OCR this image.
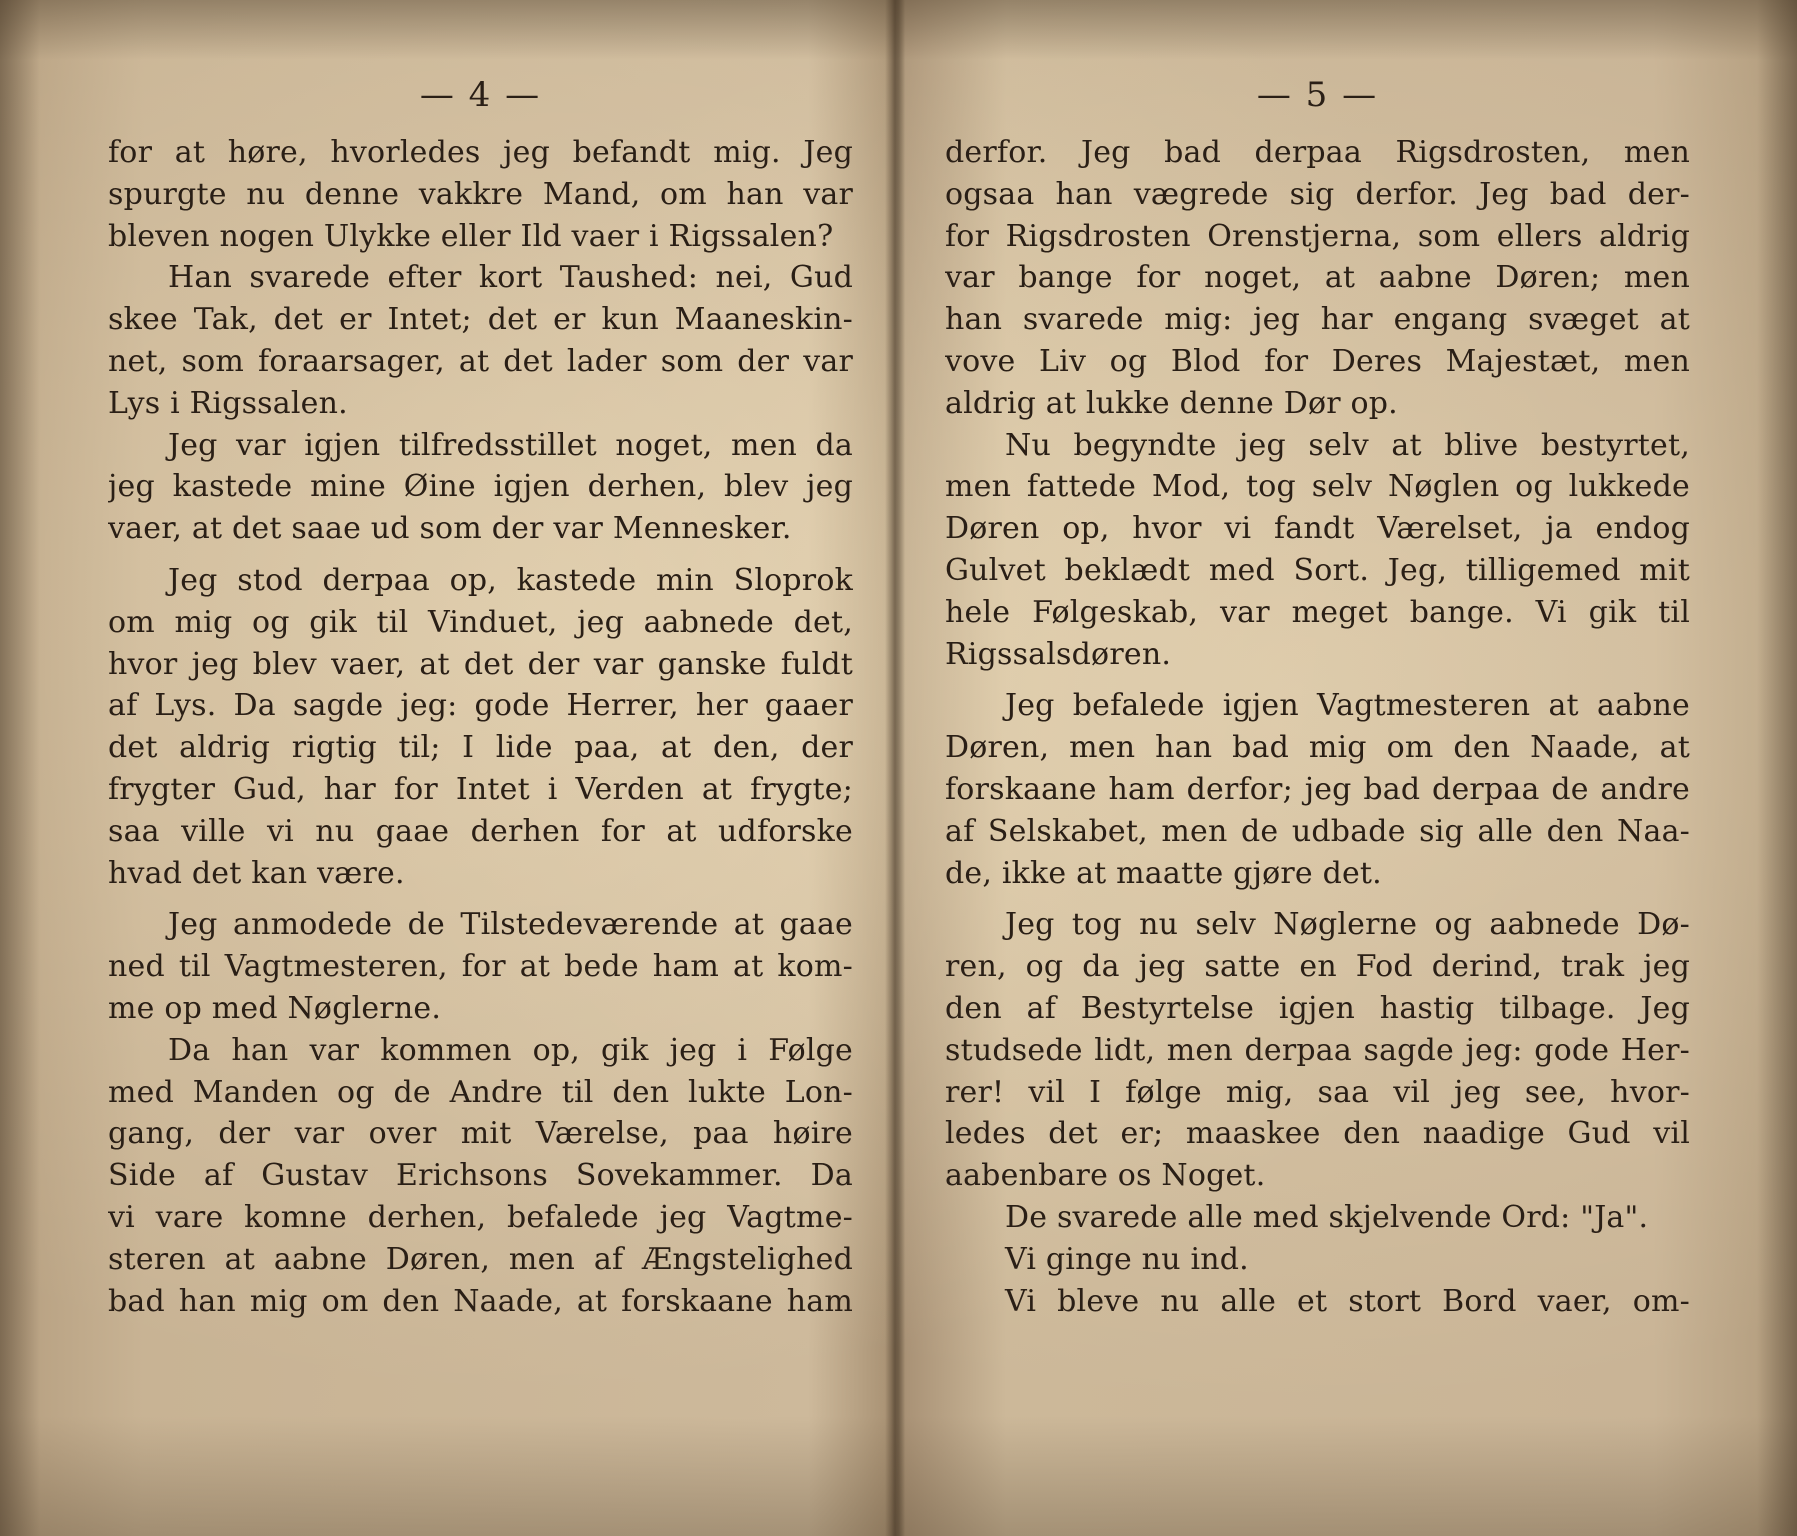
— 4 —
for at høre, hvorledes jeg befandt mig. Jeg
spurgte nu denne vakkre Mand, om han var
bleven nogen Ulykke eller Ild vaer i Rigssalen?
Han svarede efter kort Taushed: nei, Gud
skee Tak, det er Intet; det er kun Maaneskin-
net, som foraarsager, at det lader som der var
Lys i Rigssalen.
Jeg var igjen tilfredsstillet noget, men da
jeg kastede mine Øine igjen derhen, blev jeg
vaer, at det saae ud som der var Mennesker.
Jeg stod derpaa op, kastede min Sloprok
om mig og gik til Vinduet, jeg aabnede det,
hvor jeg blev vaer, at det der var ganske fuldt
af Lys. Da sagde jeg: gode Herrer, her gaaer
det aldrig rigtig til; I lide paa, at den, der
frygter Gud, har for Intet i Verden at frygte;
saa ville vi nu gaae derhen for at udforske
hvad det kan være.
Jeg anmodede de Tilstedeværende at gaae
ned til Vagtmesteren, for at bede ham at kom-
me op med Nøglerne.
Da han var kommen op, gik jeg i Følge
med Manden og de Andre til den lukte Lon-
gang, der var over mit Værelse, paa høire
Side af Gustav Erichsons Sovekammer. Da
vi vare komne derhen, befalede jeg Vagtme-
steren at aabne Døren, men af Ængstelighed
bad han mig om den Naade, at forskaane ham
— 5 —
derfor. Jeg bad derpaa Rigsdrosten, men
ogsaa han vægrede sig derfor. Jeg bad der-
for Rigsdrosten Orenstjerna, som ellers aldrig
var bange for noget, at aabne Døren; men
han svarede mig: jeg har engang svæget at
vove Liv og Blod for Deres Majestæt, men
aldrig at lukke denne Dør op.
Nu begyndte jeg selv at blive bestyrtet,
men fattede Mod, tog selv Nøglen og lukkede
Døren op, hvor vi fandt Værelset, ja endog
Gulvet beklædt med Sort. Jeg, tilligemed mit
hele Følgeskab, var meget bange. Vi gik til
Rigssalsdøren.
Jeg befalede igjen Vagtmesteren at aabne
Døren, men han bad mig om den Naade, at
forskaane ham derfor; jeg bad derpaa de andre
af Selskabet, men de udbade sig alle den Naa-
de, ikke at maatte gjøre det.
Jeg tog nu selv Nøglerne og aabnede Dø-
ren, og da jeg satte en Fod derind, trak jeg
den af Bestyrtelse igjen hastig tilbage. Jeg
studsede lidt, men derpaa sagde jeg: gode Her-
rer! vil I følge mig, saa vil jeg see, hvor-
ledes det er; maaskee den naadige Gud vil
aabenbare os Noget.
De svarede alle med skjelvende Ord: "Ja".
Vi ginge nu ind.
Vi bleve nu alle et stort Bord vaer, om-
